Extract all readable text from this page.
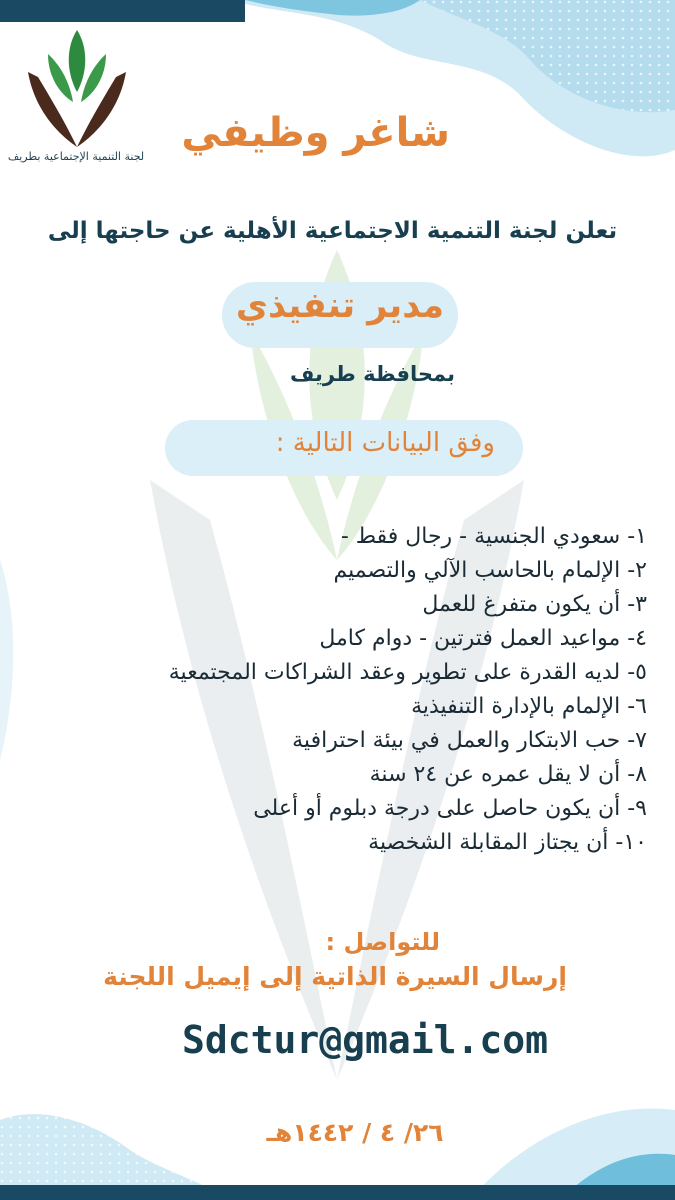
لجنة التنمية الإجتماعية بطريف
شاغر وظيفي
تعلن لجنة التنمية الاجتماعية الأهلية عن حاجتها إلى
مدير تنفيذي
بمحافظة طريف
وفق البيانات التالية :
١- سعودي الجنسية - رجال فقط -
٢- الإلمام بالحاسب الآلي والتصميم
٣- أن يكون متفرغ للعمل
٤- مواعيد العمل فترتين - دوام كامل
٥- لديه القدرة على تطوير وعقد الشراكات المجتمعية
٦- الإلمام بالإدارة التنفيذية
٧- حب الابتكار والعمل في بيئة احترافية
٨- أن لا يقل عمره عن ٢٤ سنة
٩- أن يكون حاصل على درجة دبلوم أو أعلى
١٠- أن يجتاز المقابلة الشخصية
للتواصل :
إرسال السيرة الذاتية إلى إيميل اللجنة
Sdctur@gmail.com
٢٦/ ٤ / ١٤٤٢هـ
